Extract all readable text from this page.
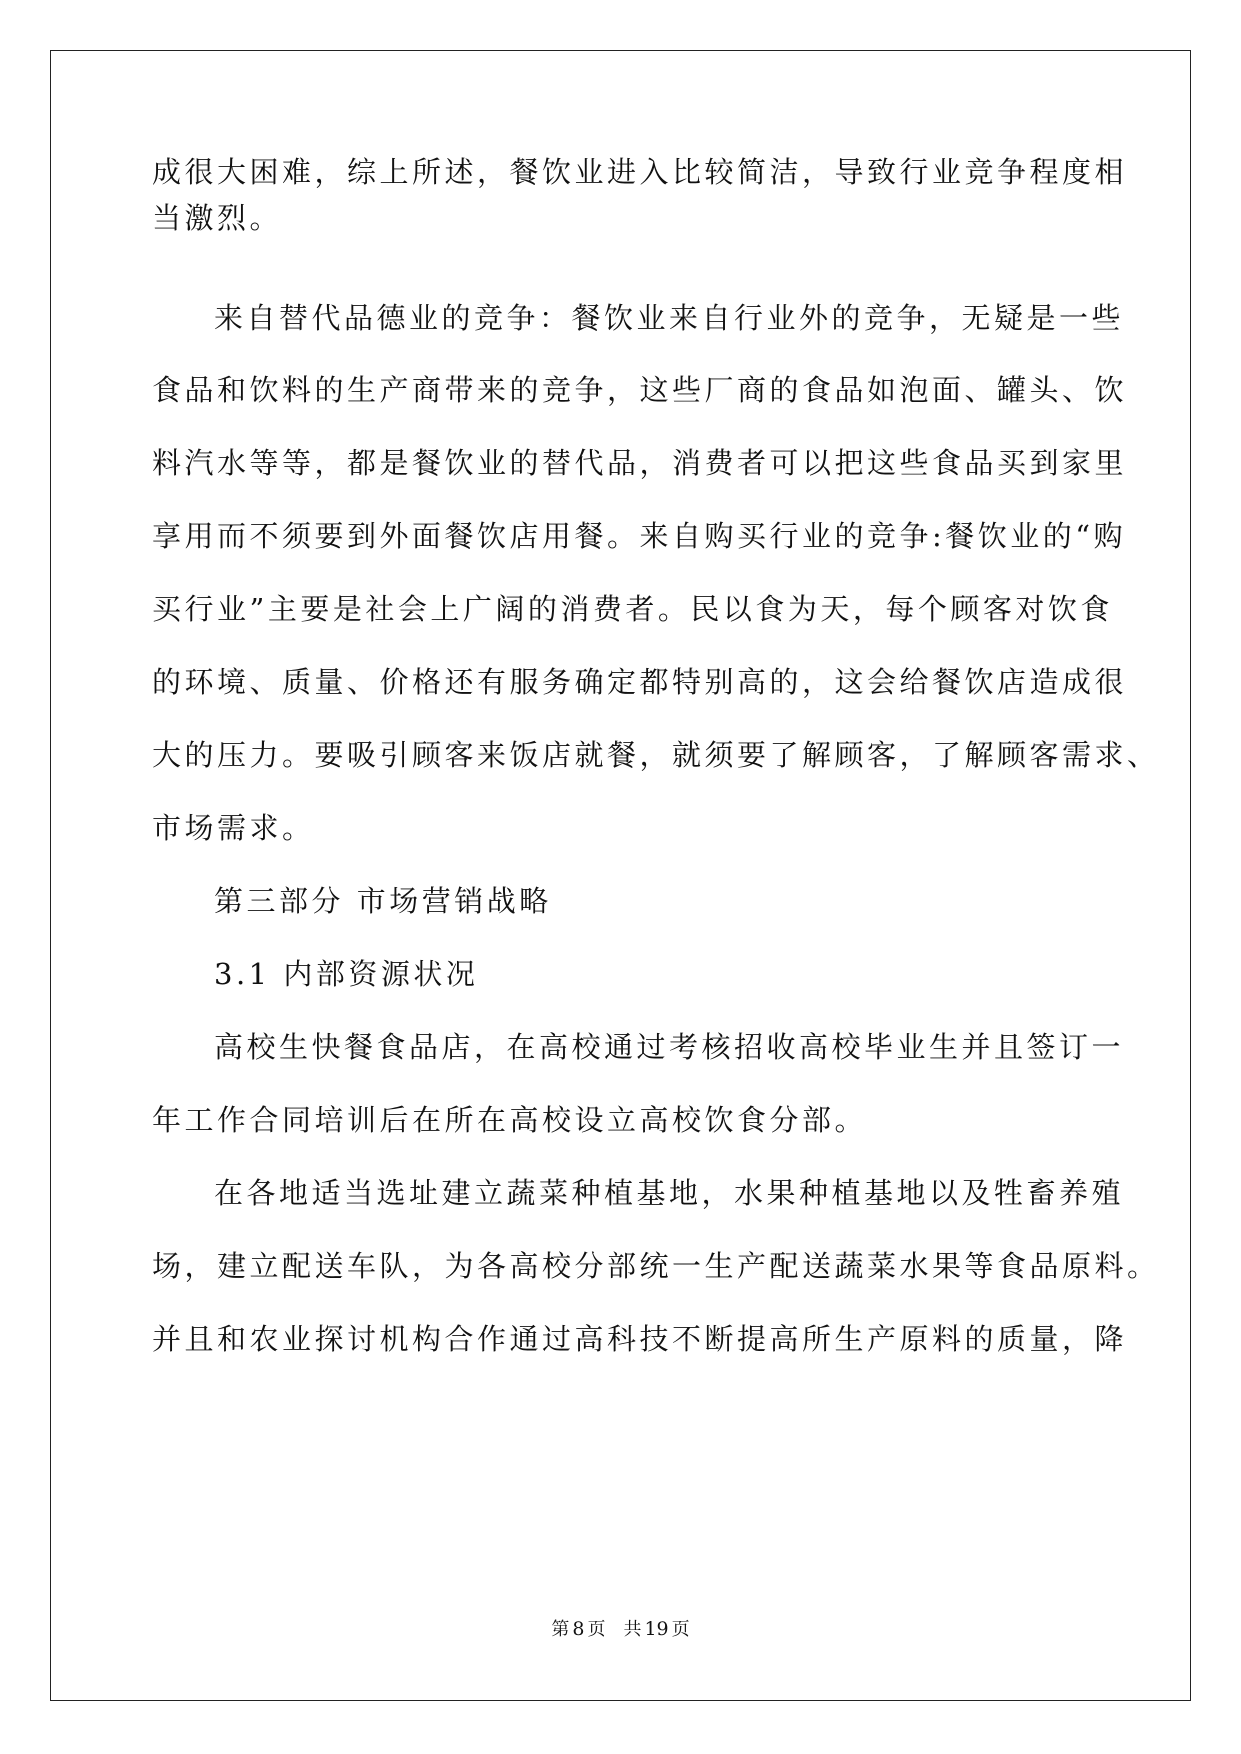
成很大困难，综上所述，餐饮业进入比较简洁，导致行业竞争程度相
当激烈。
来自替代品德业的竞争：餐饮业来自行业外的竞争，无疑是一些
食品和饮料的生产商带来的竞争，这些厂商的食品如泡面、罐头、饮
料汽水等等，都是餐饮业的替代品，消费者可以把这些食品买到家里
享用而不须要到外面餐饮店用餐。来自购买行业的竞争:餐饮业的“购
买行业”主要是社会上广阔的消费者。民以食为天，每个顾客对饮食
的环境、质量、价格还有服务确定都特别高的，这会给餐饮店造成很
大的压力。要吸引顾客来饭店就餐，就须要了解顾客，了解顾客需求、
市场需求。
第三部分 市场营销战略
3.1 内部资源状况
高校生快餐食品店，在高校通过考核招收高校毕业生并且签订一
年工作合同培训后在所在高校设立高校饮食分部。
在各地适当选址建立蔬菜种植基地，水果种植基地以及牲畜养殖
场，建立配送车队，为各高校分部统一生产配送蔬菜水果等食品原料。
并且和农业探讨机构合作通过高科技不断提高所生产原料的质量，降
第 8 页 共 19 页
